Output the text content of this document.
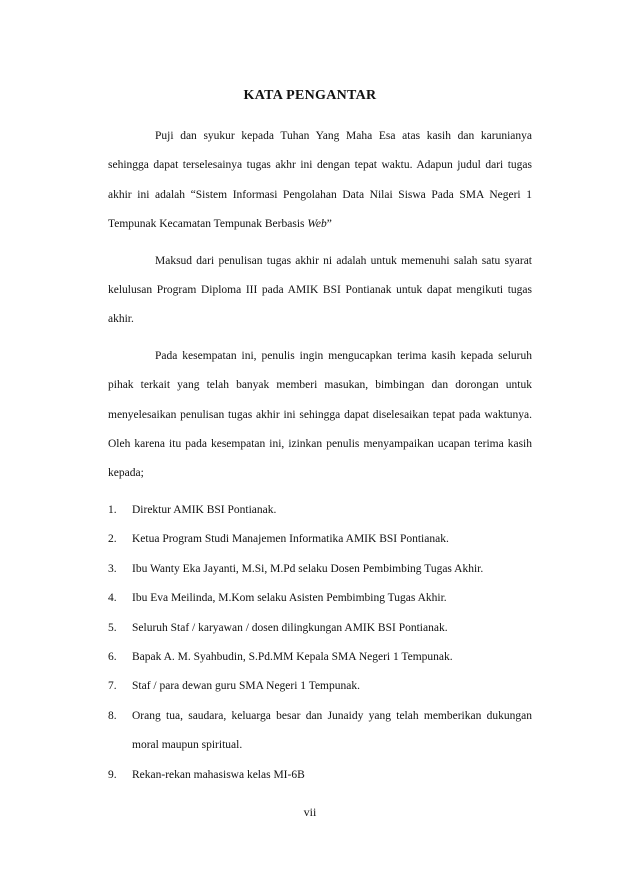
KATA PENGANTAR

Puji dan syukur kepada Tuhan Yang Maha Esa atas kasih dan karunianya sehingga dapat terselesainya tugas akhr ini dengan tepat waktu. Adapun judul dari tugas akhir ini adalah “Sistem Informasi Pengolahan Data Nilai Siswa Pada SMA Negeri 1 Tempunak Kecamatan Tempunak Berbasis Web”

Maksud dari penulisan tugas akhir ni adalah untuk memenuhi salah satu syarat kelulusan Program Diploma III pada AMIK BSI Pontianak untuk dapat mengikuti tugas akhir.

Pada kesempatan ini, penulis ingin mengucapkan terima kasih kepada seluruh pihak terkait yang telah banyak memberi masukan, bimbingan dan dorongan untuk menyelesaikan penulisan tugas akhir ini sehingga dapat diselesaikan tepat pada waktunya. Oleh karena itu pada kesempatan ini, izinkan penulis menyampaikan ucapan terima kasih kepada;

1. Direktur AMIK BSI Pontianak.
2. Ketua Program Studi Manajemen Informatika AMIK BSI Pontianak.
3. Ibu Wanty Eka Jayanti, M.Si, M.Pd selaku Dosen Pembimbing Tugas Akhir.
4. Ibu Eva Meilinda, M.Kom selaku Asisten Pembimbing Tugas Akhir.
5. Seluruh Staf / karyawan / dosen dilingkungan AMIK BSI Pontianak.
6. Bapak A. M. Syahbudin, S.Pd.MM Kepala SMA Negeri 1 Tempunak.
7. Staf / para dewan guru SMA Negeri 1 Tempunak.
8. Orang tua, saudara, keluarga besar dan Junaidy yang telah memberikan dukungan moral maupun spiritual.
9. Rekan-rekan mahasiswa kelas MI-6B
vii
